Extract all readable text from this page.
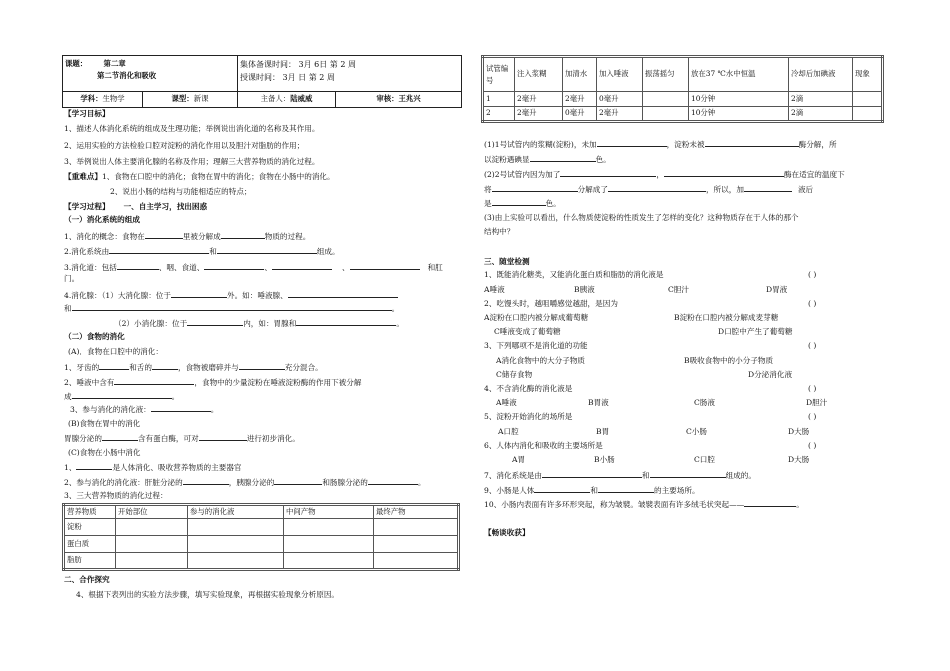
课题： 第二章
第二节消化和吸收	集体备课时间： 3月 6日 第 2 周
授课时间： 3月 日 第 2 周
学科：生物学	课型：新课	主备人：陆威威	审核：王兆兴
【学习目标】
1、描述人体消化系统的组成及生理功能；举例说出消化道的名称及其作用。
2、运用实验的方法检验口腔对淀粉的消化作用以及胆汁对脂肪的作用；
3、举例说出人体主要消化腺的名称及作用；理解三大营养物质的消化过程。
【重难点】1、食物在口腔中的消化；食物在胃中的消化；食物在小肠中的消化。
2、说出小肠的结构与功能相适应的特点；
【学习过程】 一、自主学习，找出困惑
（一）消化系统的组成
1、消化的概念：食物在	里被分解成	物质的过程。
2.消化系统由	和	组成。
3.消化道：包括	、咽、食道、	、	、	和肛
门。
4.消化腺：（1）大消化腺：位于	外。如：唾液腺、
和	。
（2）小消化腺：位于	内，如：胃腺和	。
（二）食物的消化
(A)．食物在口腔中的消化：
1、牙齿的	和舌的	，食物被磨碎并与	充分混合。
2、唾液中含有	，食物中的少量淀粉在唾液淀粉酶的作用下被分解
成	。
3、参与消化的消化液：	。
(B)食物在胃中的消化
胃腺分泌的	含有蛋白酶，可对	进行初步消化。
(C)食物在小肠中消化
1、	是人体消化、吸收营养物质的主要器官
2、参与消化的消化液：肝脏分泌的	，胰腺分泌的	和肠腺分泌的	。
3、三大营养物质的消化过程：
营养物质	开始部位	参与的消化液	中间产物	最终产物
淀粉				
蛋白质				
脂肪				
二、合作探究
4、根据下表列出的实验方法步骤，填写实验现象，再根据实验现象分析原因。
试管编号	注入浆糊	加清水	加入唾液	振荡摇匀	放在37 ℃水中恒温	冷却后加碘液	现象
1	2毫升	2毫升	0毫升		10分钟	2滴	
2	2毫升	0毫升	2毫升		10分钟	2滴	
(1)1号试管内的浆糊(淀粉)，未加	，淀粉未被	酶分解，所
以淀粉遇碘显	色。
(2)2号试管内因为加了	，	酶在适宜的温度下
将	分解成了	，所以，加	液后
是	色。
(3)由上实验可以看出，什么物质使淀粉的性质发生了怎样的变化？这种物质存在于人体的那个
结构中？
三、随堂检测
1、既能消化糖类，又能消化蛋白质和脂肪的消化液是	( )
A唾液	B胰液	C胆汁	D胃液
2、吃馒头时，越咀嚼感觉越甜，是因为	( )
A淀粉在口腔内被分解成葡萄糖	B淀粉在口腔内被分解成麦芽糖
C唾液变成了葡萄糖	D口腔中产生了葡萄糖
3、下列哪项不是消化道的功能	( )
A消化食物中的大分子物质	B吸收食物中的小分子物质
C储存食物	D分泌消化液
4、不含消化酶的消化液是	( )
A唾液	B胃液	C肠液	D胆汁
5、淀粉开始消化的场所是	( )
A口腔	B胃	C小肠	D大肠
6、人体内消化和吸收的主要场所是	( )
A胃	B小肠	C口腔	D大肠
7、消化系统是由	和	组成的。
9、小肠是人体	和	的主要场所。
10、小肠内表面有许多环形突起，称为皱襞。皱襞表面有许多绒毛状突起——	。
【畅谈收获】
